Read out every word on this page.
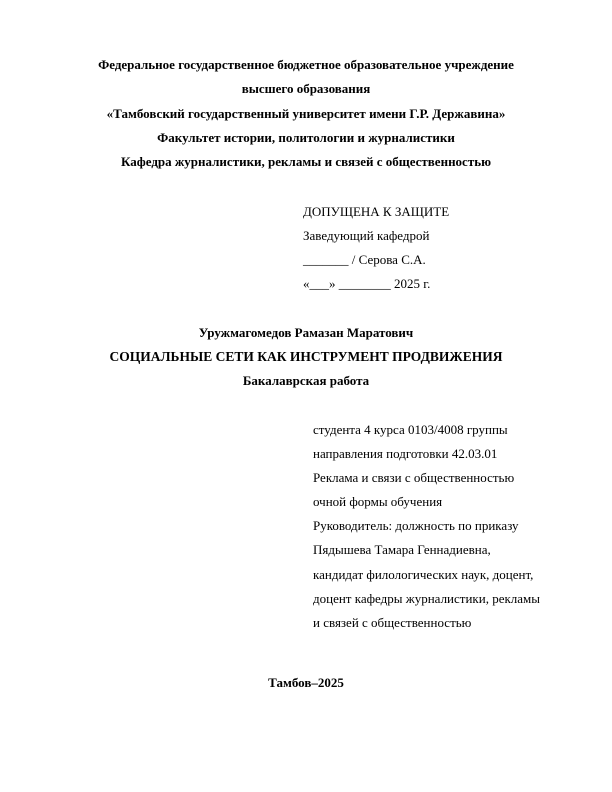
Федеральное государственное бюджетное образовательное учреждение
высшего образования
«Тамбовский государственный университет имени Г.Р. Державина»
Факультет истории, политологии и журналистики
Кафедра журналистики, рекламы и связей с общественностью
ДОПУЩЕНА К ЗАЩИТЕ
Заведующий кафедрой
_______ / Серова С.А.
«___» ________ 2025 г.
Уружмагомедов Рамазан Маратович
СОЦИАЛЬНЫЕ СЕТИ КАК ИНСТРУМЕНТ ПРОДВИЖЕНИЯ
Бакалаврская работа
студента 4 курса 0103/4008 группы
направления подготовки 42.03.01
Реклама и связи с общественностью
очной формы обучения
Руководитель: должность по приказу
Пядышева Тамара Геннадиевна,
кандидат филологических наук, доцент,
доцент кафедры журналистики, рекламы
и связей с общественностью
Тамбов–2025
